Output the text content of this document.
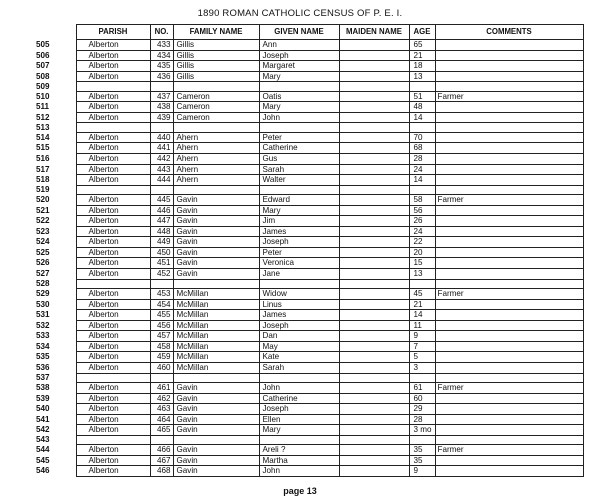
1890 ROMAN CATHOLIC CENSUS OF P. E. I.
	PARISH	NO.	FAMILY NAME	GIVEN NAME	MAIDEN NAME	AGE	COMMENTS
505	Alberton	433	Gillis	Ann		65	
506	Alberton	434	Gillis	Joseph		21	
507	Alberton	435	Gillis	Margaret		18	
508	Alberton	436	Gillis	Mary		13	
509							
510	Alberton	437	Cameron	Oatis		51	Farmer
511	Alberton	438	Cameron	Mary		48	
512	Alberton	439	Cameron	John		14	
513							
514	Alberton	440	Ahern	Peter		70	
515	Alberton	441	Ahern	Catherine		68	
516	Alberton	442	Ahern	Gus		28	
517	Alberton	443	Ahern	Sarah		24	
518	Alberton	444	Ahern	Walter		14	
519							
520	Alberton	445	Gavin	Edward		58	Farmer
521	Alberton	446	Gavin	Mary		56	
522	Alberton	447	Gavin	Jim		26	
523	Alberton	448	Gavin	James		24	
524	Alberton	449	Gavin	Joseph		22	
525	Alberton	450	Gavin	Peter		20	
526	Alberton	451	Gavin	Veronica		15	
527	Alberton	452	Gavin	Jane		13	
528							
529	Alberton	453	McMillan	Widow		45	Farmer
530	Alberton	454	McMillan	Linus		21	
531	Alberton	455	McMillan	James		14	
532	Alberton	456	McMillan	Joseph		11	
533	Alberton	457	McMillan	Dan		9	
534	Alberton	458	McMillan	May		7	
535	Alberton	459	McMillan	Kate		5	
536	Alberton	460	McMillan	Sarah		3	
537							
538	Alberton	461	Gavin	John		61	Farmer
539	Alberton	462	Gavin	Catherine		60	
540	Alberton	463	Gavin	Joseph		29	
541	Alberton	464	Gavin	Ellen		28	
542	Alberton	465	Gavin	Mary		3 mo	
543							
544	Alberton	466	Gavin	Areli ?		35	Farmer
545	Alberton	467	Gavin	Martha		35	
546	Alberton	468	Gavin	John		9	
page 13
